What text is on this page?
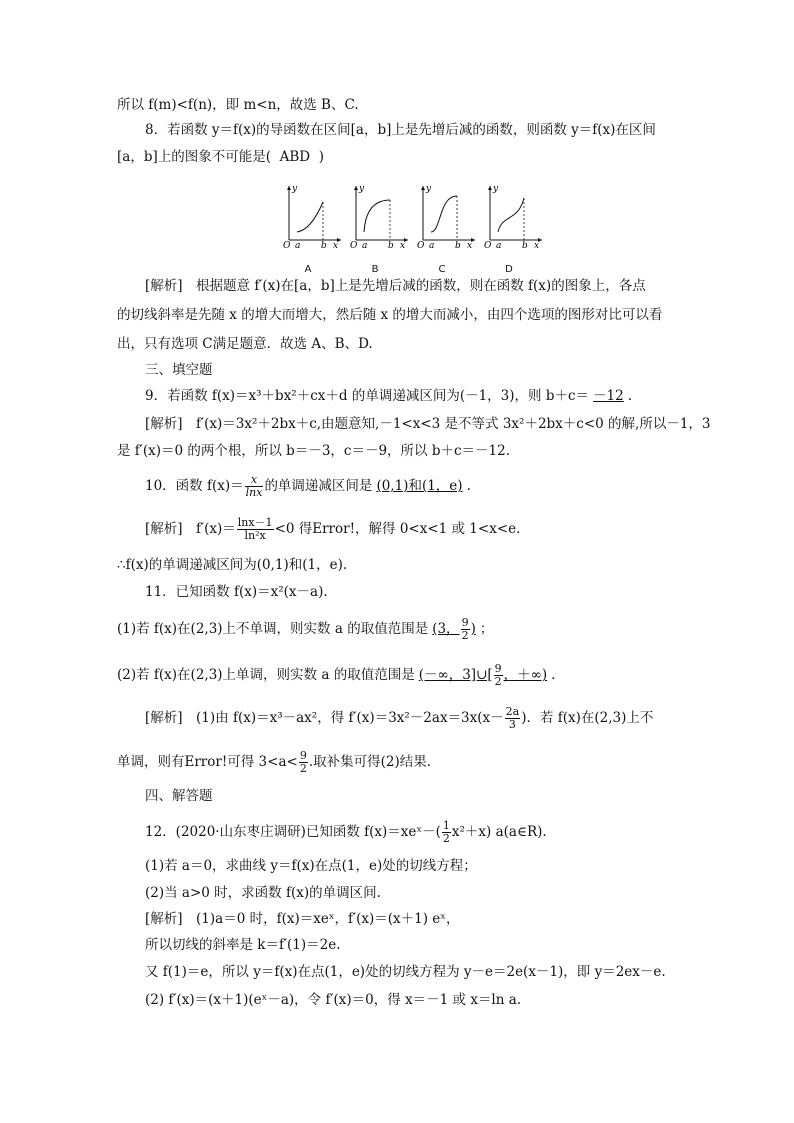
所以 f(m)<f(n)，即 m<n，故选 B、C.
8．若函数 y＝f(x)的导函数在区间[a，b]上是先增后减的函数，则函数 y＝f(x)在区间
[a，b]上的图象不可能是( ABD )
O a b x
y
A
O a b x
y
B
O a b x
y
C
O a b x
y
D
[解析]　根据题意 f′(x)在[a，b]上是先增后减的函数，则在函数 f(x)的图象上，各点
的切线斜率是先随 x 的增大而增大，然后随 x 的增大而减小，由四个选项的图形对比可以看
出，只有选项 C满足题意．故选 A、B、D.
三、填空题
9．若函数 f(x)＝x³＋bx²＋cx＋d 的单调递减区间为(－1，3)，则 b＋c＝ －12 .
[解析]　f′(x)＝3x²＋2bx＋c,由题意知,－1<x<3 是不等式 3x²＋2bx＋c<0 的解,所以－1，3
是 f′(x)＝0 的两个根，所以 b＝－3，c＝－9，所以 b＋c＝－12.
10．函数 $f(x)= \frac{x}{\ln x}$ 的单调递减区间是 (0,1)和(1，e) .
[解析]　$f'(x)= \frac{\ln x-1}{\text{ln²x}} <0$ 得Error!，解得 0<x<1 或 1<x<e.
∴f(x)的单调递减区间为(0,1)和(1，e).
11．已知函数 f(x)＝x²(x－a).
(1)若 f(x)在(2,3)上不单调，则实数 a 的取值范围是 (3， $\frac{9}{2}$ ) ；
(2)若 f(x)在(2,3)上单调，则实数 a 的取值范围是 (－∞，3]∪[ $\frac{9}{2}$ ，＋∞) .
[解析]　(1)由 f(x)＝x³－ax²，得 $f'(x)=3x^2-2ax=3x(x- \frac{2a}{3}$ )．若 f(x)在(2,3)上不
单调，则有Error!可得 $3<a< \frac{9}{2}$ .取补集可得(2)结果.
四、解答题
12．(2020·山东枣庄调研)已知函数 f(x)＝xeˣ－( $\frac{1}{2} x^2+x$) a(a∈R).
(1)若 a＝0，求曲线 y＝f(x)在点(1，e)处的切线方程；
(2)当 a>0 时，求函数 f(x)的单调区间.
[解析]　(1)a＝0 时，f(x)＝xeˣ，f′(x)＝(x＋1) eˣ，
所以切线的斜率是 k＝f′(1)＝2e.
又 f(1)＝e，所以 y＝f(x)在点(1，e)处的切线方程为 y－e＝2e(x－1)，即 y＝2ex－e.
(2) f′(x)＝(x＋1)(eˣ－a)，令 f′(x)＝0，得 x＝－1 或 x＝ln a.
